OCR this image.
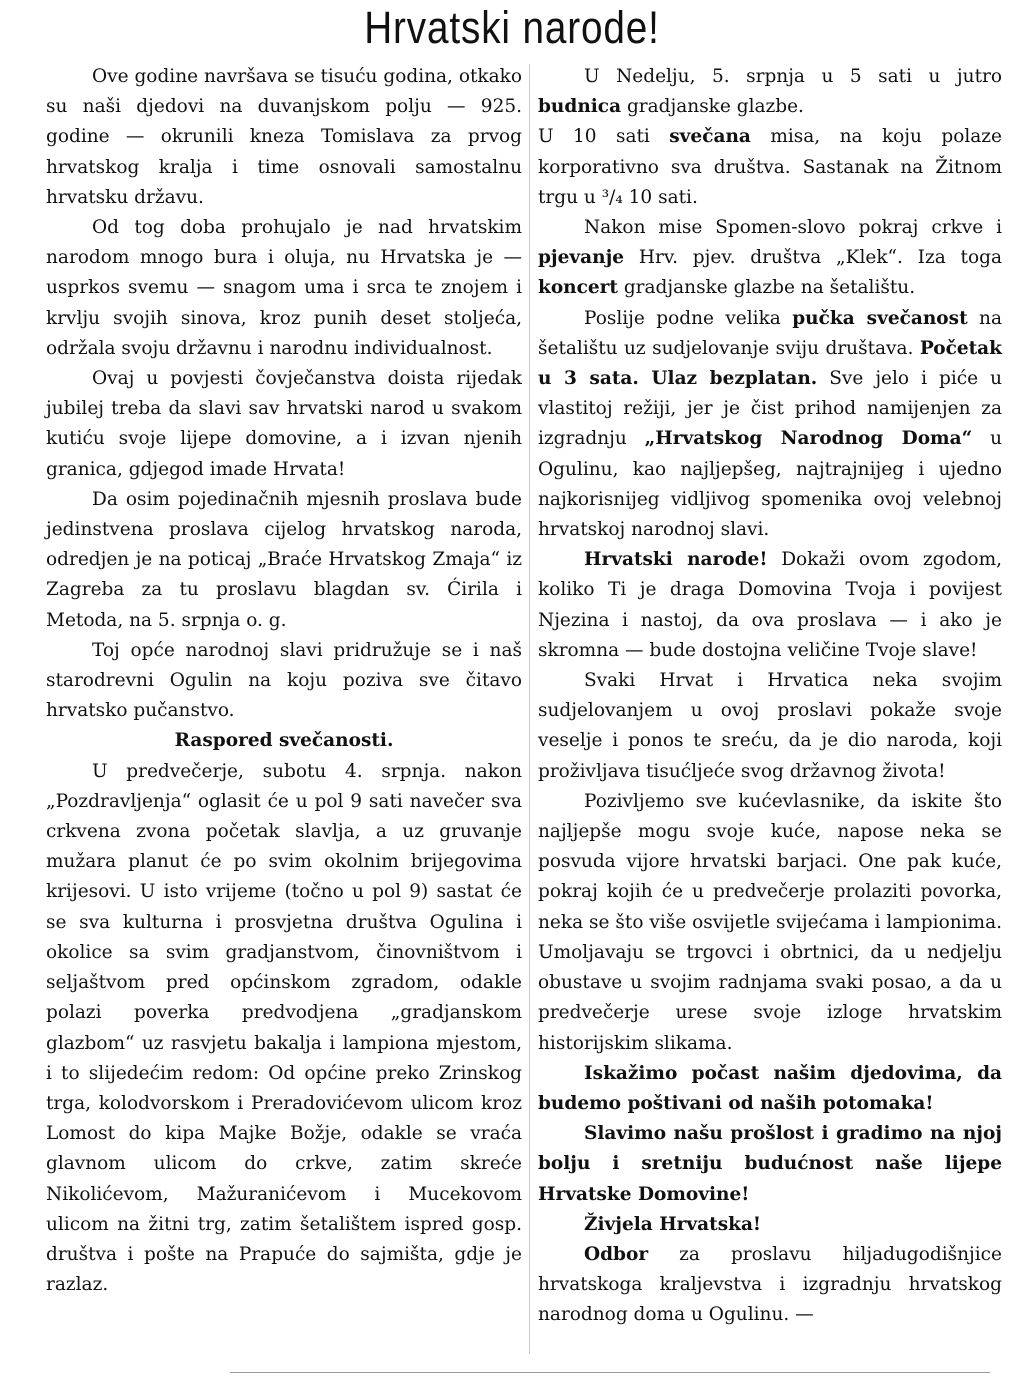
Hrvatski narode!

Ove godine navršava se tisuću godina, otkako su naši djedovi na duvanjskom polju — 925. godine — okrunili kneza Tomislava za prvog hrvatskog kralja i time osnovali samostalnu hrvatsku državu.

Od tog doba prohujalo je nad hrvatskim narodom mnogo bura i oluja, nu Hrvatska je — usprkos svemu — snagom uma i srca te znojem i krvlju svojih sinova, kroz punih deset stoljeća, održala svoju državnu i narodnu individualnost.

Ovaj u povjesti čovječanstva doista rijedak jubilej treba da slavi sav hrvatski narod u svakom kutiću svoje lijepe domovine, a i izvan njenih granica, gdjegod imade Hrvata!

Da osim pojedinačnih mjesnih proslava bude jedinstvena proslava cijelog hrvatskog naroda, odredjen je na poticaj „Braće Hrvatskog Zmaja“ iz Zagreba za tu proslavu blagdan sv. Ćirila i Metoda, na 5. srpnja o. g.

Toj opće narodnoj slavi pridružuje se i naš starodrevni Ogulin na koju poziva sve čitavo hrvatsko pučanstvo.

Raspored svečanosti.

U predvečerje, subotu 4. srpnja. nakon „Pozdravljenja“ oglasit će u pol 9 sati navečer sva crkvena zvona početak slavlja, a uz gruvanje mužara planut će po svim okolnim brijegovima krijesovi. U isto vrijeme (točno u pol 9) sastat će se sva kulturna i prosvjetna društva Ogulina i okolice sa svim gradjanstvom, činovništvom i seljaštvom pred općinskom zgradom, odakle polazi poverka predvodjena „gradjanskom glazbom“ uz rasvjetu bakalja i lampiona mjestom, i to slijedećim redom: Od općine preko Zrinskog trga, kolodvorskom i Preradovićevom ulicom kroz Lomost do kipa Majke Božje, odakle se vraća glavnom ulicom do crkve, zatim skreće Nikolićevom, Mažuranićevom i Mucekovom ulicom na žitni trg, zatim šetalištem ispred gosp. društva i pošte na Prapuće do sajmišta, gdje je razlaz.

U Nedelju, 5. srpnja u 5 sati u jutro budnica gradjanske glazbe.

U 10 sati svečana misa, na koju polaze korporativno sva društva. Sastanak na Žitnom trgu u ³/₄ 10 sati.

Nakon mise Spomen-slovo pokraj crkve i pjevanje Hrv. pjev. društva „Klek“. Iza toga koncert gradjanske glazbe na šetalištu.

Poslije podne velika pučka svečanost na šetalištu uz sudjelovanje sviju društava. Početak u 3 sata. Ulaz bezplatan. Sve jelo i piće u vlastitoj režiji, jer je čist prihod namijenjen za izgradnju „Hrvatskog Narodnog Doma“ u Ogulinu, kao najljepšeg, najtrajnijeg i ujedno najkorisnijeg vidljivog spomenika ovoj velebnoj hrvatskoj narodnoj slavi.

Hrvatski narode! Dokaži ovom zgodom, koliko Ti je draga Domovina Tvoja i povijest Njezina i nastoj, da ova proslava — i ako je skromna — bude dostojna veličine Tvoje slave!

Svaki Hrvat i Hrvatica neka svojim sudjelovanjem u ovoj proslavi pokaže svoje veselje i ponos te sreću, da je dio naroda, koji proživljava tisućljeće svog državnog života!

Pozivljemo sve kućevlasnike, da iskite što najljepše mogu svoje kuće, napose neka se posvuda vijore hrvatski barjaci. One pak kuće, pokraj kojih će u predvečerje prolaziti povorka, neka se što više osvijetle svijećama i lampionima. Umoljavaju se trgovci i obrtnici, da u nedjelju obustave u svojim radnjama svaki posao, a da u predvečerje urese svoje izloge hrvatskim historijskim slikama.

Iskažimo počast našim djedovima, da budemo poštivani od naših potomaka!

Slavimo našu prošlost i gradimo na njoj bolju i sretniju budućnost naše lijepe Hrvatske Domovine!

Živjela Hrvatska!

Odbor za proslavu hiljadugodišnjice hrvatskoga kraljevstva i izgradnju hrvatskog narodnog doma u Ogulinu. —
